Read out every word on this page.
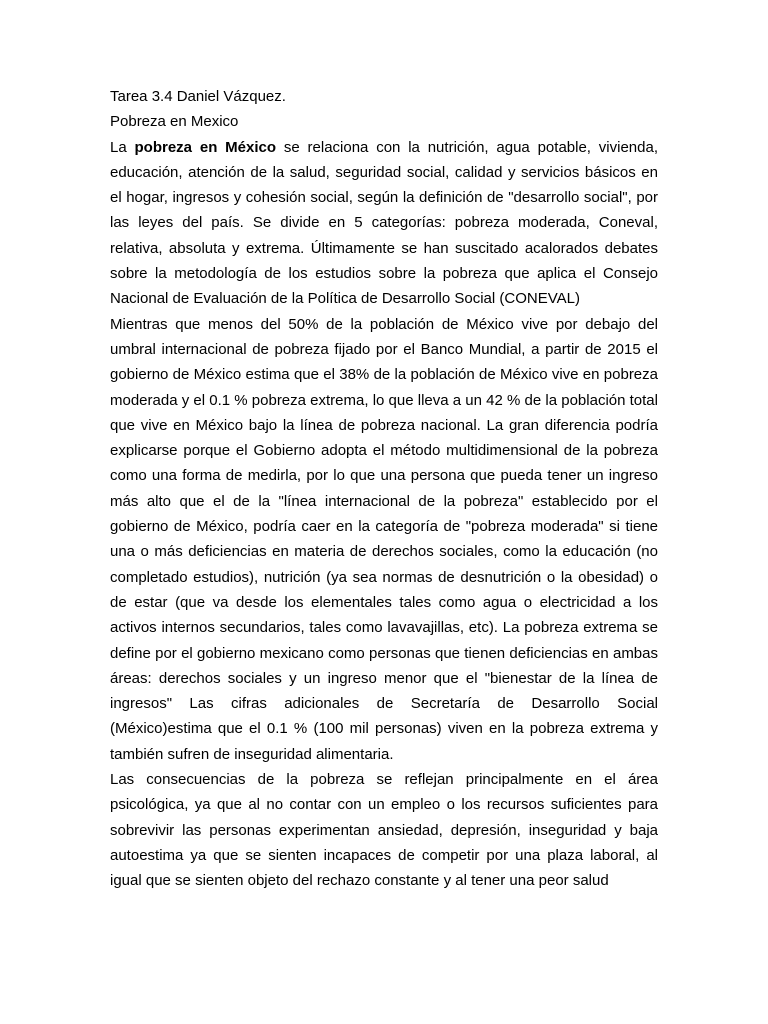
Tarea 3.4 Daniel Vázquez.

Pobreza en Mexico

La pobreza en México se relaciona con la nutrición, agua potable, vivienda, educación, atención de la salud, seguridad social, calidad y servicios básicos en el hogar, ingresos y cohesión social, según la definición de "desarrollo social", por las leyes del país. Se divide en 5 categorías: pobreza moderada, Coneval, relativa, absoluta y extrema. Últimamente se han suscitado acalorados debates sobre la metodología de los estudios sobre la pobreza que aplica el Consejo Nacional de Evaluación de la Política de Desarrollo Social (CONEVAL)

Mientras que menos del 50% de la población de México vive por debajo del umbral internacional de pobreza fijado por el Banco Mundial, a partir de 2015 el gobierno de México estima que el 38% de la población de México vive en pobreza moderada y el 0.1 % pobreza extrema, lo que lleva a un 42 % de la población total que vive en México bajo la línea de pobreza nacional. La gran diferencia podría explicarse porque el Gobierno adopta el método multidimensional de la pobreza como una forma de medirla, por lo que una persona que pueda tener un ingreso más alto que el de la "línea internacional de la pobreza" establecido por el gobierno de México, podría caer en la categoría de "pobreza moderada" si tiene una o más deficiencias en materia de derechos sociales, como la educación (no completado estudios), nutrición (ya sea normas de desnutrición o la obesidad) o de estar (que va desde los elementales tales como agua o electricidad a los activos internos secundarios, tales como lavavajillas, etc). La pobreza extrema se define por el gobierno mexicano como personas que tienen deficiencias en ambas áreas: derechos sociales y un ingreso menor que el "bienestar de la línea de ingresos" Las cifras adicionales de Secretaría de Desarrollo Social (México)estima que el 0.1 % (100 mil personas) viven en la pobreza extrema y también sufren de inseguridad alimentaria.

Las consecuencias de la pobreza se reflejan principalmente en el área psicológica, ya que al no contar con un empleo o los recursos suficientes para sobrevivir las personas experimentan ansiedad, depresión, inseguridad y baja autoestima ya que se sienten incapaces de competir por una plaza laboral, al igual que se sienten objeto del rechazo constante y al tener una peor salud
